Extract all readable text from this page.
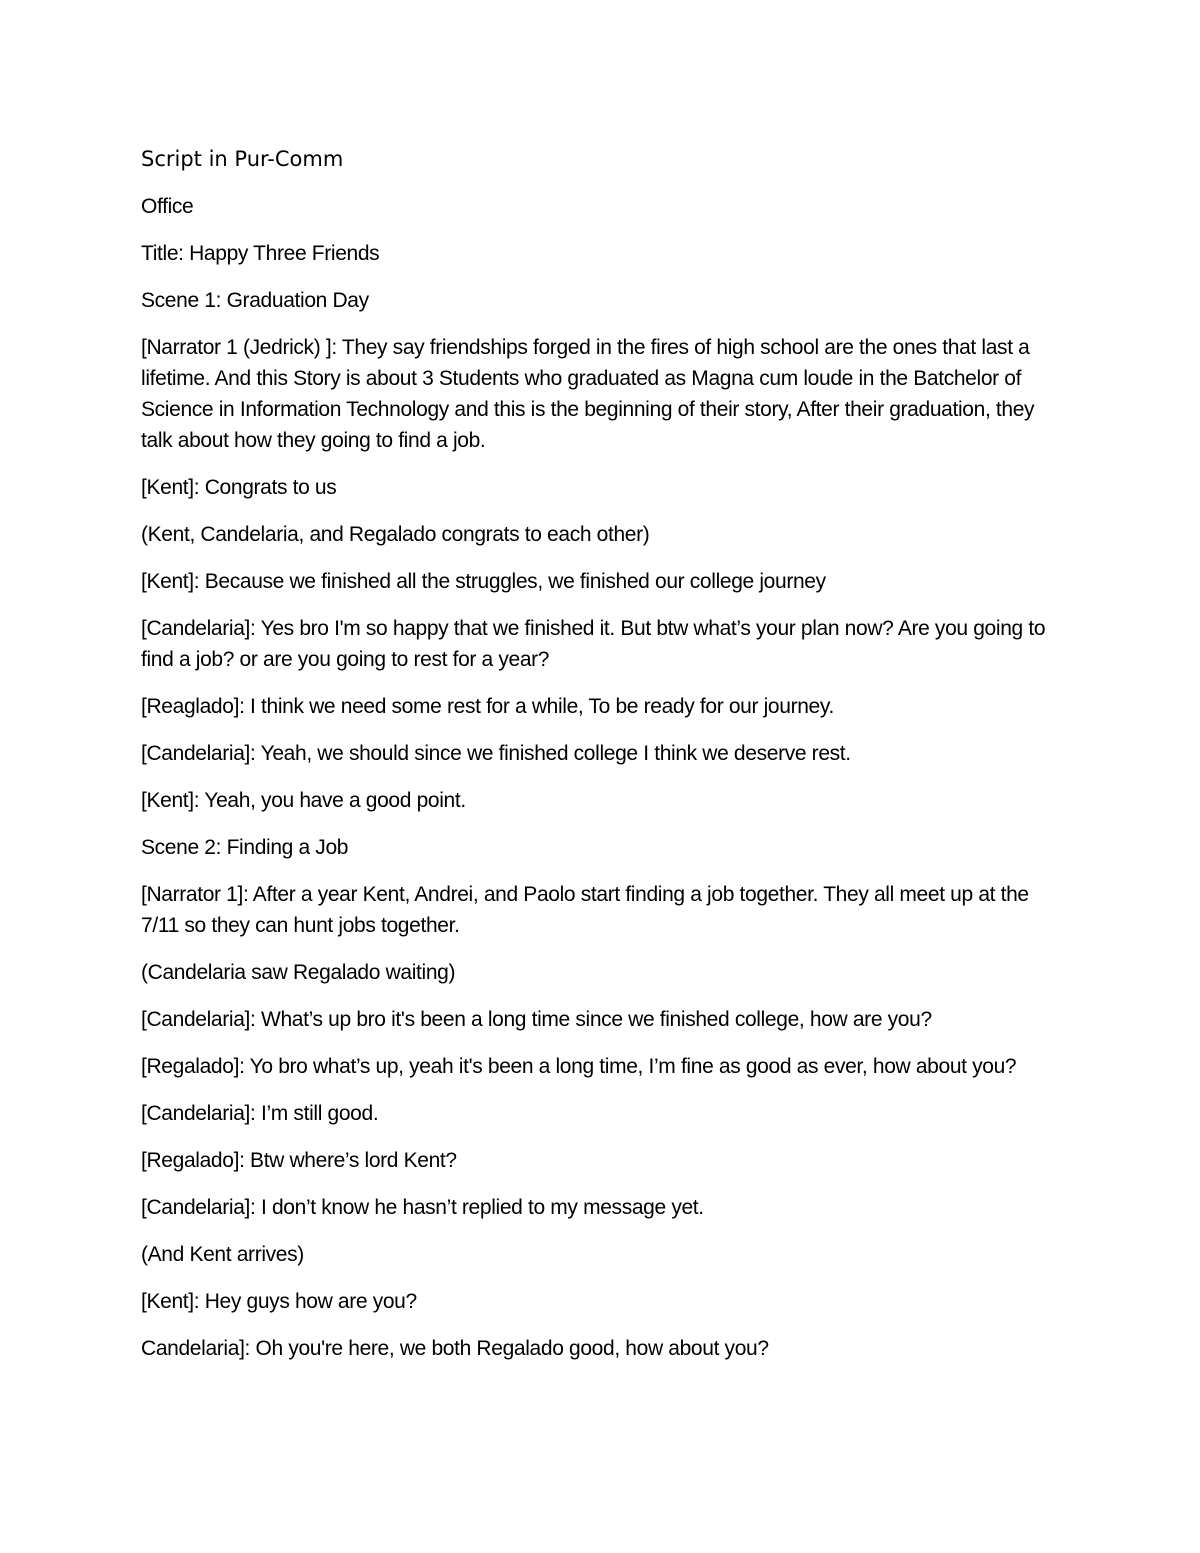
Script in Pur-Comm
Office
Title: Happy Three Friends
Scene 1: Graduation Day
[Narrator 1 (Jedrick) ]: They say friendships forged in the fires of high school are the ones that last a lifetime. And this Story is about 3 Students who graduated as Magna cum loude in the Batchelor of Science in Information Technology and this is the beginning of their story, After their graduation, they talk about how they going to find a job.
[Kent]: Congrats to us
(Kent, Candelaria, and Regalado congrats to each other)
[Kent]: Because we finished all the struggles, we finished our college journey
[Candelaria]: Yes bro I'm so happy that we finished it. But btw what’s your plan now? Are you going to find a job? or are you going to rest for a year?
[Reaglado]: I think we need some rest for a while, To be ready for our journey.
[Candelaria]: Yeah, we should since we finished college I think we deserve rest.
[Kent]: Yeah, you have a good point.
Scene 2: Finding a Job
[Narrator 1]: After a year Kent, Andrei, and Paolo start finding a job together. They all meet up at the 7/11 so they can hunt jobs together.
(Candelaria saw Regalado waiting)
[Candelaria]: What’s up bro it's been a long time since we finished college, how are you?
[Regalado]: Yo bro what’s up, yeah it's been a long time, I’m fine as good as ever, how about you?
[Candelaria]: I’m still good.
[Regalado]: Btw where’s lord Kent?
[Candelaria]: I don’t know he hasn’t replied to my message yet.
(And Kent arrives)
[Kent]: Hey guys how are you?
Candelaria]: Oh you're here, we both Regalado good, how about you?
